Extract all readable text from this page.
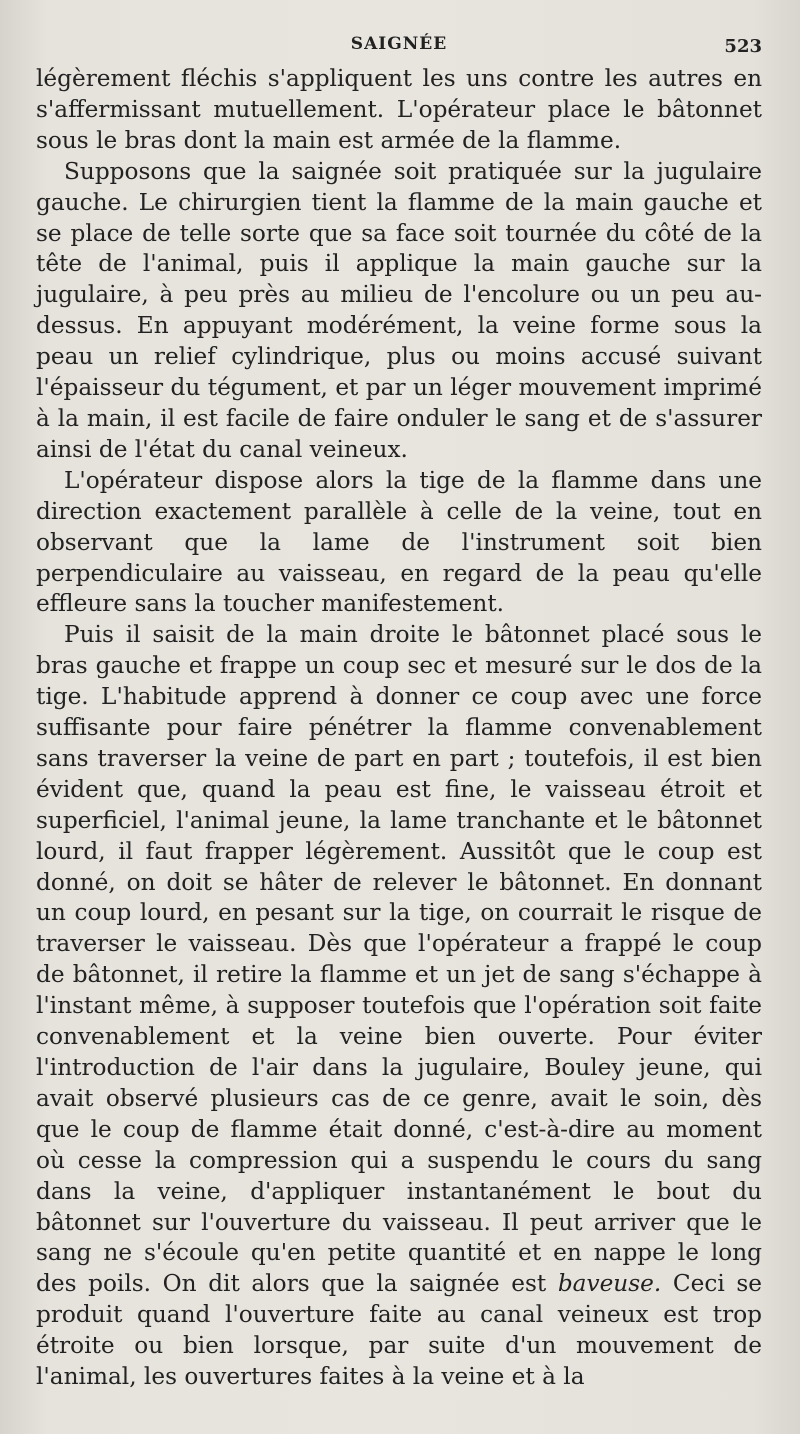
SAIGNÉE	523

légèrement fléchis s'appliquent les uns contre les autres en s'affermissant mutuellement. L'opérateur place le bâtonnet sous le bras dont la main est armée de la flamme.

Supposons que la saignée soit pratiquée sur la jugulaire gauche. Le chirurgien tient la flamme de la main gauche et se place de telle sorte que sa face soit tournée du côté de la tête de l'animal, puis il applique la main gauche sur la jugulaire, à peu près au milieu de l'encolure ou un peu au-dessus. En appuyant modérément, la veine forme sous la peau un relief cylindrique, plus ou moins accusé suivant l'épaisseur du tégument, et par un léger mouvement imprimé à la main, il est facile de faire onduler le sang et de s'assurer ainsi de l'état du canal veineux.

L'opérateur dispose alors la tige de la flamme dans une direction exactement parallèle à celle de la veine, tout en observant que la lame de l'instrument soit bien perpendiculaire au vaisseau, en regard de la peau qu'elle effleure sans la toucher manifestement.

Puis il saisit de la main droite le bâtonnet placé sous le bras gauche et frappe un coup sec et mesuré sur le dos de la tige. L'habitude apprend à donner ce coup avec une force suffisante pour faire pénétrer la flamme convenablement sans traverser la veine de part en part ; toutefois, il est bien évident que, quand la peau est fine, le vaisseau étroit et superficiel, l'animal jeune, la lame tranchante et le bâtonnet lourd, il faut frapper légèrement. Aussitôt que le coup est donné, on doit se hâter de relever le bâtonnet. En donnant un coup lourd, en pesant sur la tige, on courrait le risque de traverser le vaisseau. Dès que l'opérateur a frappé le coup de bâtonnet, il retire la flamme et un jet de sang s'échappe à l'instant même, à supposer toutefois que l'opération soit faite convenablement et la veine bien ouverte. Pour éviter l'introduction de l'air dans la jugulaire, Bouley jeune, qui avait observé plusieurs cas de ce genre, avait le soin, dès que le coup de flamme était donné, c'est-à-dire au moment où cesse la compression qui a suspendu le cours du sang dans la veine, d'appliquer instantanément le bout du bâtonnet sur l'ouverture du vaisseau. Il peut arriver que le sang ne s'écoule qu'en petite quantité et en nappe le long des poils. On dit alors que la saignée est baveuse. Ceci se produit quand l'ouverture faite au canal veineux est trop étroite ou bien lorsque, par suite d'un mouvement de l'animal, les ouvertures faites à la veine et à la
